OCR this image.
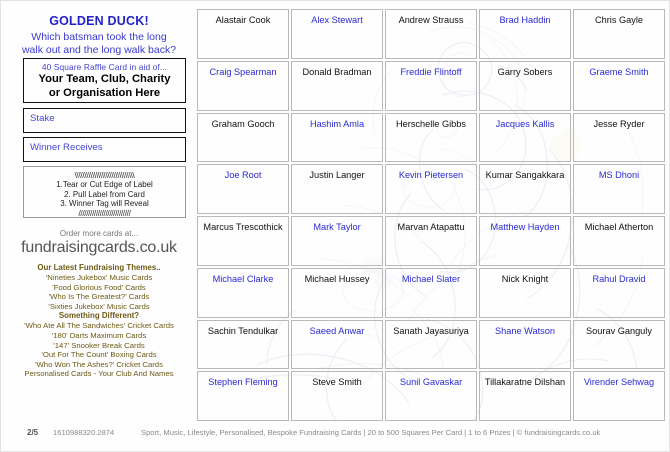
GOLDEN DUCK!
Which batsman took the long
walk out and the long walk back?
40 Square Raffle Card in aid of...
Your Team, Club, Charity
or Organisation Here
Stake
Winner Receives
\\\\\\\\\\\\\\\\\\\\\\\\\\\\\\\
1.Tear or Cut Edge of Label
2. Pull Label from Card
3. Winner Tag will Reveal
///////////////////////////
Order more cards at...
fundraisingcards.co.uk
Our Latest Fundraising Themes..
'Nineties Jukebox' Music Cards
'Food Glorious Food' Cards
'Who Is The Greatest?' Cards
'Sixties Jukebox' Music Cards
Something Different?
'Who Ate All The Sandwiches' Cricket Cards
'180' Darts Maximum Cards
'147' Snooker Break Cards
'Out For The Count' Boxing Cards
'Who Won The Ashes?' Cricket Cards
Personalised Cards - Your Club And Names
Alastair Cook	Alex Stewart	Andrew Strauss	Brad Haddin	Chris Gayle
Craig Spearman	Donald Bradman	Freddie Flintoff	Garry Sobers	Graeme Smith
Graham Gooch	Hashim Amla	Herschelle Gibbs	Jacques Kallis	Jesse Ryder
Joe Root	Justin Langer	Kevin Pietersen	Kumar Sangakkara	MS Dhoni
Marcus Trescothick	Mark Taylor	Marvan Atapattu	Matthew Hayden	Michael Atherton
Michael Clarke	Michael Hussey	Michael Slater	Nick Knight	Rahul Dravid
Sachin Tendulkar	Saeed Anwar	Sanath Jayasuriya	Shane Watson	Sourav Ganguly
Stephen Fleming	Steve Smith	Sunil Gavaskar	Tillakaratne Dilshan	Virender Sehwag
2/5 1610988320.2874	Sport, Music, Lifestyle, Personalised, Bespoke Fundraising Cards | 20 to 500 Squares Per Card | 1 to 6 Prizes | © fundraisingcards.co.uk
